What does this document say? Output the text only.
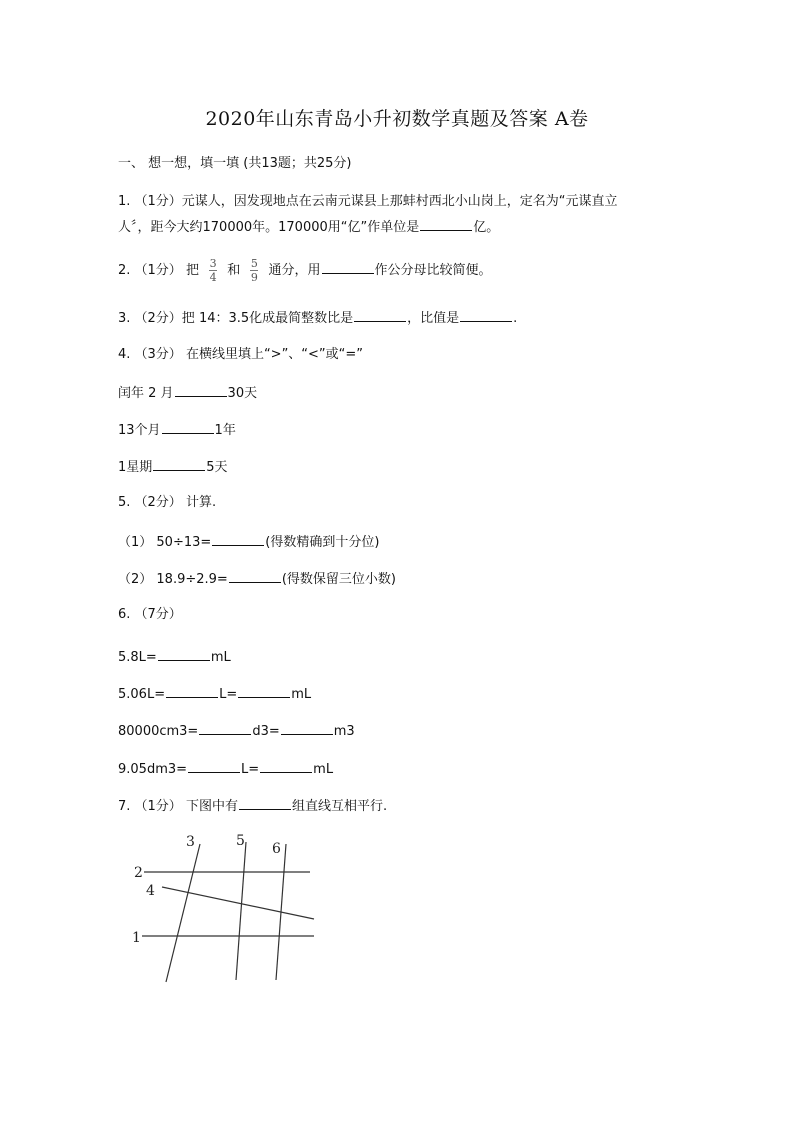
2020年山东青岛小升初数学真题及答案 A卷
一、 想一想，填一填 (共13题；共25分)
1. （1分）元谋人，因发现地点在云南元谋县上那蚌村西北小山岗上，定名为“元谋直立
人〞，距今大约170000年。170000用“亿”作单位是	亿。
2. （1分） 把 $\frac{3}{4}$ 和 $\frac{5}{9}$ 通分，用	作公分母比较简便。
3. （2分）把 14：3.5化成最简整数比是	，比值是	.
4. （3分） 在横线里填上“>”、“<”或“=”
闰年 2 月	30天
13个月	1年
1星期	5天
5. （2分） 计算.
（1） 50÷13=	(得数精确到十分位)
（2） 18.9÷2.9=	(得数保留三位小数)
6. （7分）
5.8L=	mL
5.06L=	L=	mL
80000cm3=	d3=	m3
9.05dm3=	L=	mL
7. （1分） 下图中有	组直线互相平行.
3	5 6
2
4
1
